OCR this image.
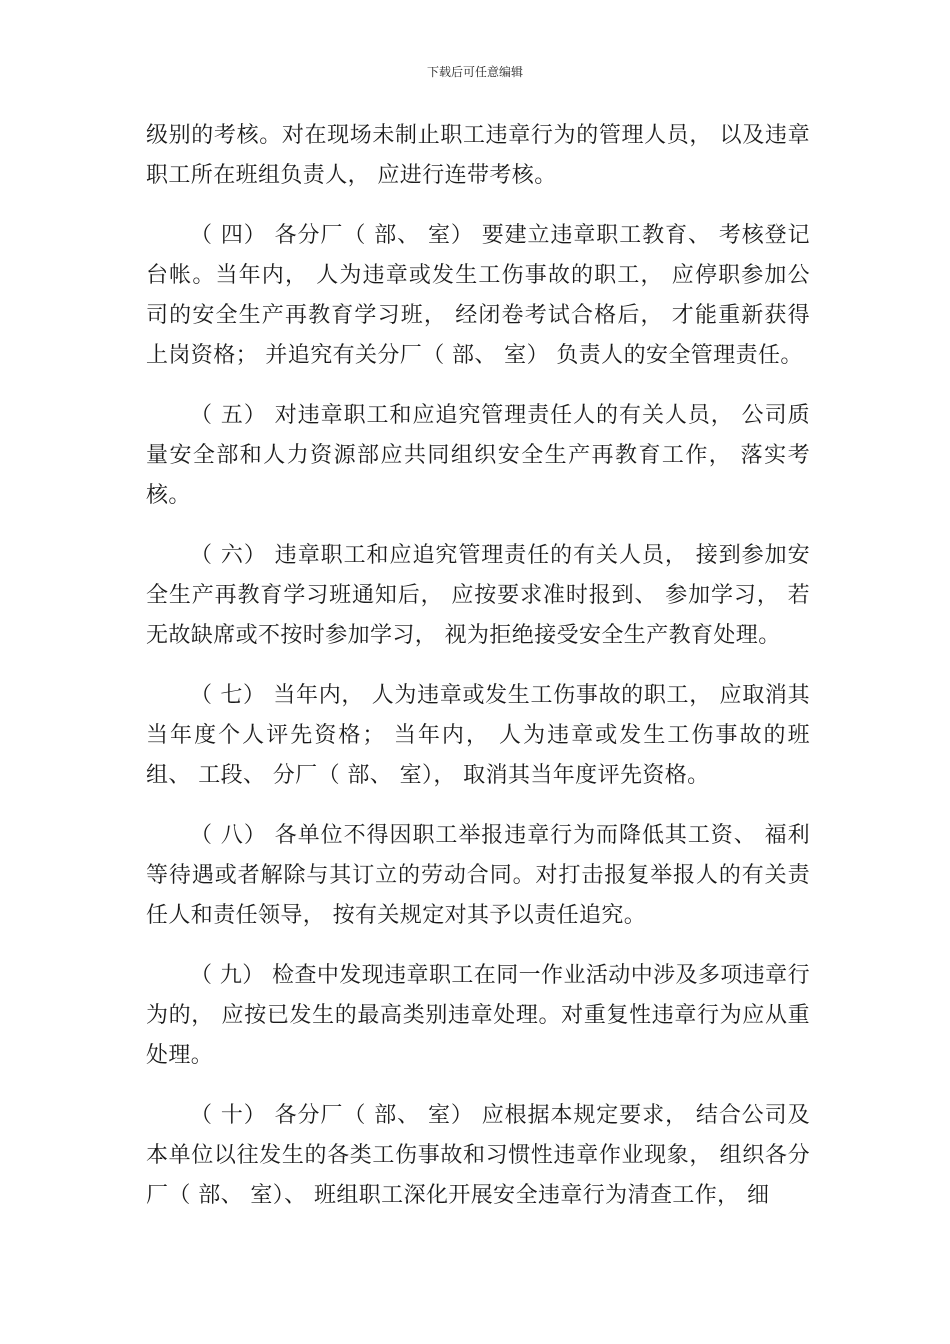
下载后可任意编辑

级别的考核。对在现场未制止职工违章行为的管理人员， 以及违章职工所在班组负责人， 应进行连带考核。

（ 四） 各分厂（ 部、 室） 要建立违章职工教育、 考核登记台帐。当年内， 人为违章或发生工伤事故的职工， 应停职参加公司的安全生产再教育学习班， 经闭卷考试合格后， 才能重新获得上岗资格； 并追究有关分厂（ 部、 室） 负责人的安全管理责任。

（ 五） 对违章职工和应追究管理责任人的有关人员， 公司质量安全部和人力资源部应共同组织安全生产再教育工作， 落实考核。

（ 六） 违章职工和应追究管理责任的有关人员， 接到参加安全生产再教育学习班通知后， 应按要求准时报到、 参加学习， 若无故缺席或不按时参加学习， 视为拒绝接受安全生产教育处理。

（ 七） 当年内， 人为违章或发生工伤事故的职工， 应取消其当年度个人评先资格； 当年内， 人为违章或发生工伤事故的班组、 工段、 分厂（ 部、 室）， 取消其当年度评先资格。

（ 八） 各单位不得因职工举报违章行为而降低其工资、 福利等待遇或者解除与其订立的劳动合同。对打击报复举报人的有关责任人和责任领导， 按有关规定对其予以责任追究。

（ 九） 检查中发现违章职工在同一作业活动中涉及多项违章行为的， 应按已发生的最高类别违章处理。对重复性违章行为应从重处理。

（ 十） 各分厂（ 部、 室） 应根据本规定要求， 结合公司及本单位以往发生的各类工伤事故和习惯性违章作业现象， 组织各分厂（ 部、 室）、 班组职工深化开展安全违章行为清查工作， 细
